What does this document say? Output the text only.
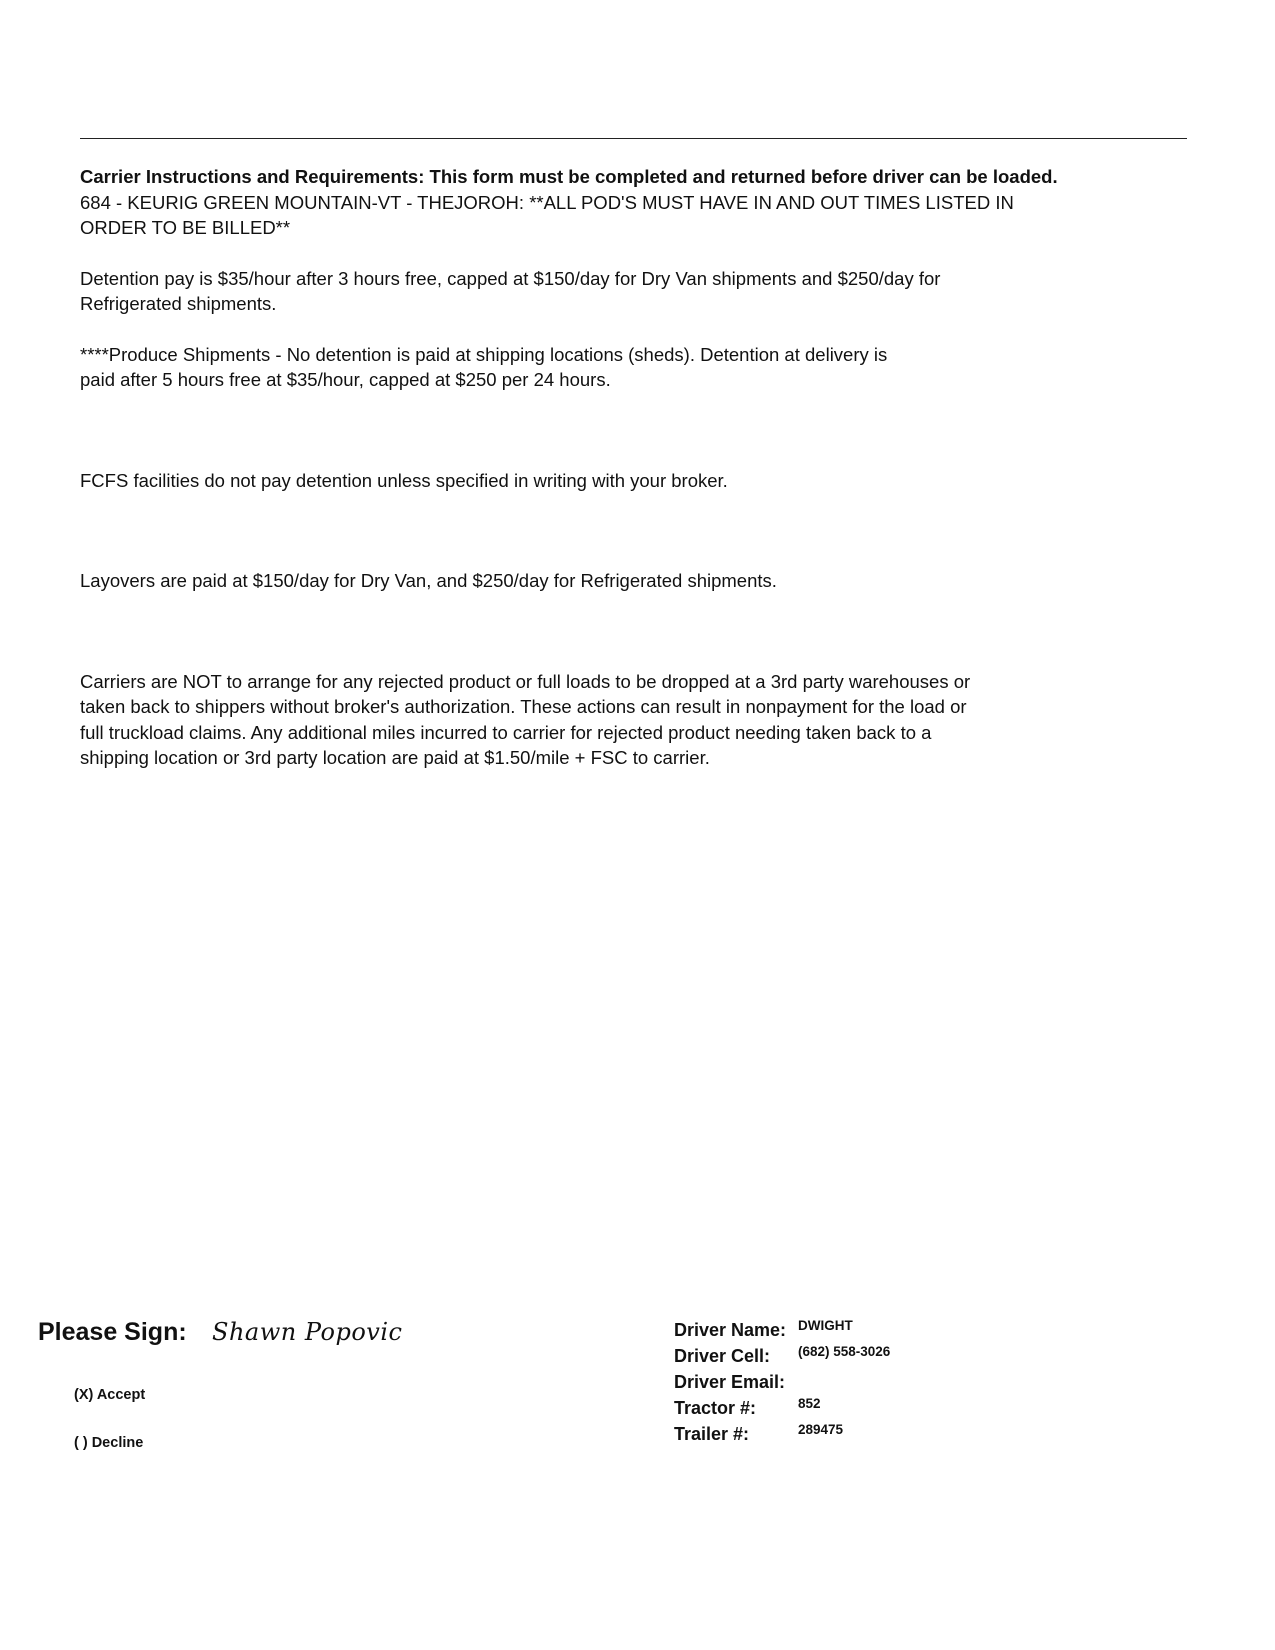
Carrier Instructions and Requirements: This form must be completed and returned before driver can be loaded.
684 - KEURIG GREEN MOUNTAIN-VT - THEJOROH: **ALL POD'S MUST HAVE IN AND OUT TIMES LISTED IN
ORDER TO BE BILLED**
Detention pay is $35/hour after 3 hours free, capped at $150/day for Dry Van shipments and $250/day for
Refrigerated shipments.
****Produce Shipments - No detention is paid at shipping locations (sheds). Detention at delivery is
paid after 5 hours free at $35/hour, capped at $250 per 24 hours.
FCFS facilities do not pay detention unless specified in writing with your broker.
Layovers are paid at $150/day for Dry Van, and $250/day for Refrigerated shipments.
Carriers are NOT to arrange for any rejected product or full loads to be dropped at a 3rd party warehouses or
taken back to shippers without broker's authorization. These actions can result in nonpayment for the load or
full truckload claims. Any additional miles incurred to carrier for rejected product needing taken back to a
shipping location or 3rd party location are paid at $1.50/mile + FSC to carrier.
Please Sign: Shawn Popovic
(X) Accept
( ) Decline
Driver Name: DWIGHT
Driver Cell: (682) 558-3026
Driver Email:
Tractor #:	852
Trailer #:	289475
